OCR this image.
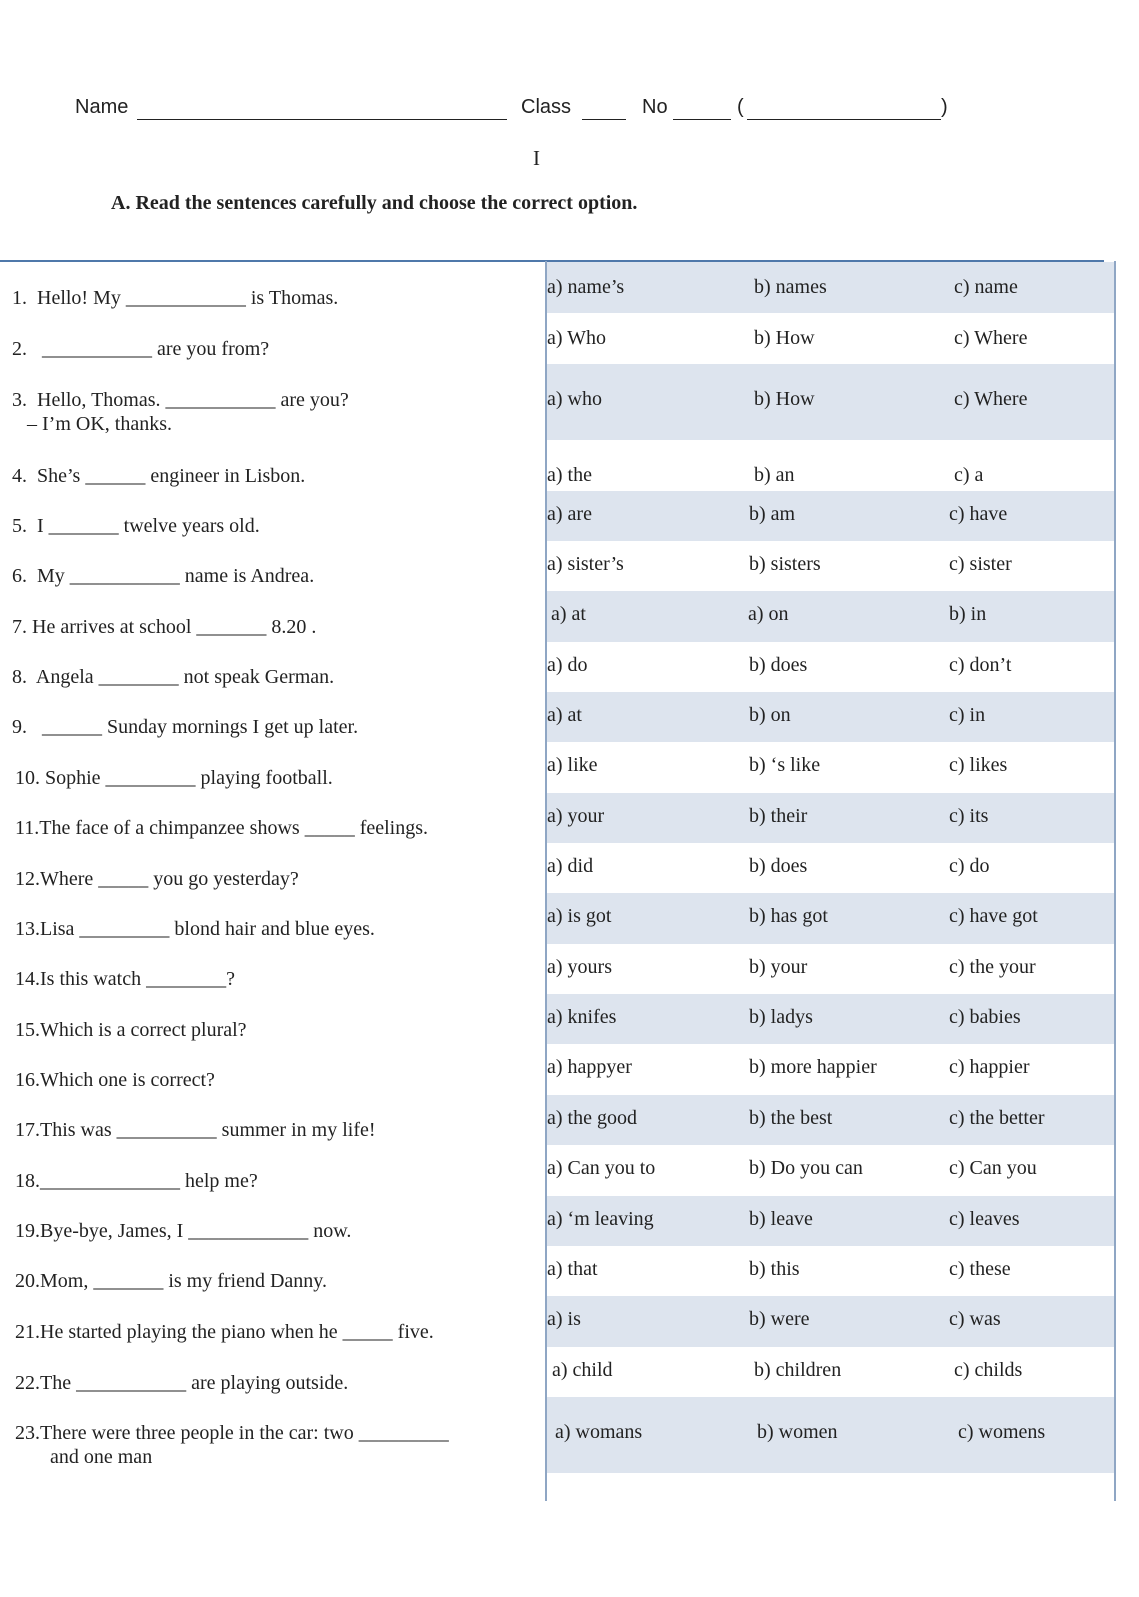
Name	Class	No	(	)
I
A. Read the sentences carefully and choose the correct option.
1.  Hello! My ____________ is Thomas.	a) name’s	b) names	c) name
2.   ___________ are you from?	a) Who	b) How	c) Where
3.  Hello, Thomas. ___________ are you?
– I’m OK, thanks.
a) who	b) How	c) Where
4.  She’s ______ engineer in Lisbon.	a) the	b) an	c) a
5.  I _______ twelve years old.
a) are	b) am	c) have
6.  My ___________ name is Andrea.
a) sister’s	b) sisters	c) sister
7. He arrives at school _______ 8.20 .
a) at	a) on	b) in
8.  Angela ________ not speak German.
a) do	b) does	c) don’t
9.   ______ Sunday mornings I get up later.
a) at	b) on	c) in
10. Sophie _________ playing football.
a) like	b) ‘s like	c) likes
11.The face of a chimpanzee shows _____ feelings.
a) your	b) their	c) its
12.Where _____ you go yesterday?
a) did	b) does	c) do
13.Lisa _________ blond hair and blue eyes.
a) is got	b) has got	c) have got
14.Is this watch ________?
a) yours	b) your	c) the your
15.Which is a correct plural?
a) knifes	b) ladys	c) babies
16.Which one is correct?
a) happyer	b) more happier	c) happier
17.This was __________ summer in my life!
a) the good	b) the best	c) the better
18.______________ help me?
a) Can you to	b) Do you can	c) Can you
19.Bye-bye, James, I ____________ now.
a) ‘m leaving	b) leave	c) leaves
20.Mom, _______ is my friend Danny.
a) that	b) this	c) these
21.He started playing the piano when he _____ five.
a) is	b) were	c) was
22.The ___________ are playing outside.
a) child	b) children	c) childs
23.There were three people in the car: two _________
and one man
a) womans	b) women	c) womens
